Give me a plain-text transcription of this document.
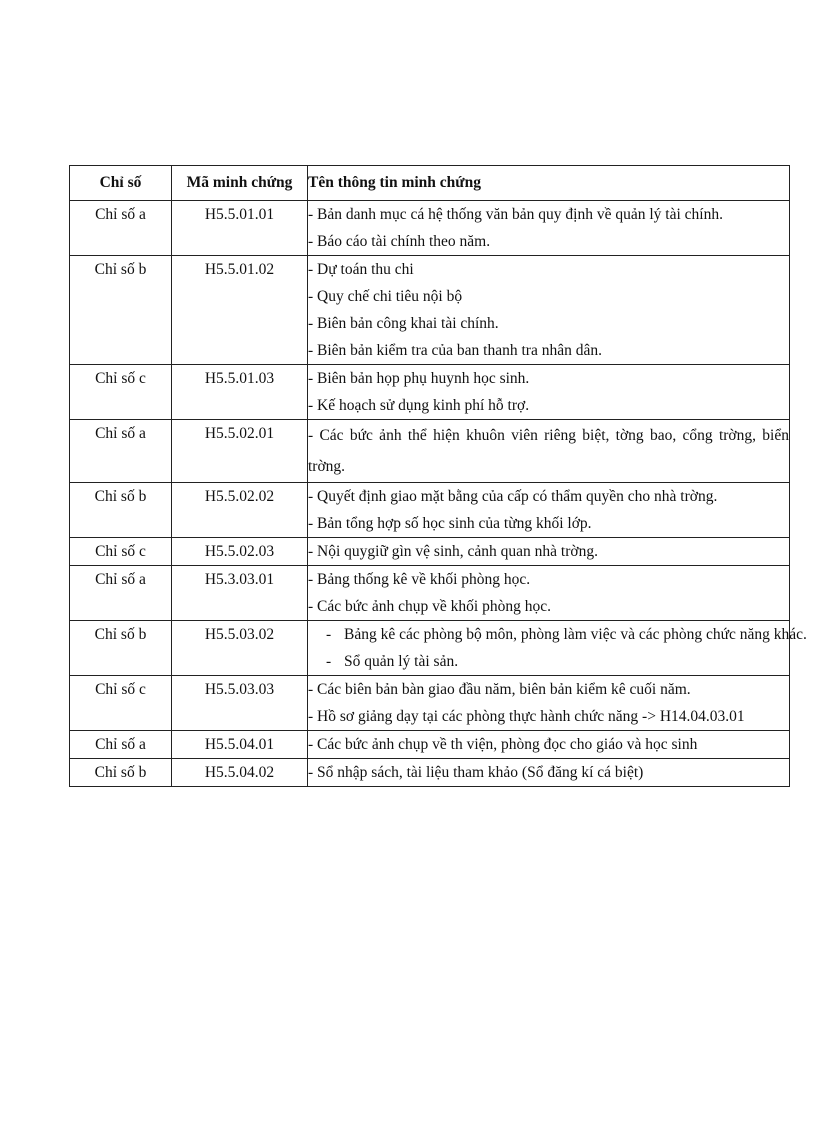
Chỉ số	Mã minh chứng	Tên thông tin minh chứng
Chỉ số a	H5.5.01.01	- Bản danh mục cá hệ thống văn bản quy định về quản lý tài chính.
- Báo cáo tài chính theo năm.

Chỉ số b	H5.5.01.02	- Dự toán thu chi
- Quy chế chi tiêu nội bộ
- Biên bản công khai tài chính.
- Biên bản kiểm tra của ban thanh tra nhân dân.

Chỉ số c	H5.5.01.03	- Biên bản họp phụ huynh học sinh.
- Kế hoạch sử dụng kinh phí hỗ trợ.

Chỉ số a	H5.5.02.01	- Các bức ảnh thể hiện khuôn viên riêng biệt, tờng bao, cổng trờng, biển trờng.

Chỉ số b	H5.5.02.02	- Quyết định giao mặt bằng của cấp có thẩm quyền cho nhà trờng.
- Bản tổng hợp số học sinh của từng khối lớp.

Chỉ số c	H5.5.02.03	- Nội quygiữ gìn vệ sinh, cảnh quan nhà trờng.

Chỉ số a	H5.3.03.01	- Bảng thống kê về khối phòng học.
- Các bức ảnh chụp về khối phòng học.

Chỉ số b	H5.5.03.02	- Bảng kê các phòng bộ môn, phòng làm việc và các phòng chức năng khác.
- Sổ quản lý tài sản.

Chỉ số c	H5.5.03.03	- Các biên bản bàn giao đầu năm, biên bản kiểm kê cuối năm.
- Hồ sơ giảng dạy tại các phòng thực hành chức năng -> H14.04.03.01

Chỉ số a	H5.5.04.01	- Các bức ảnh chụp về th viện, phòng đọc cho giáo và học sinh

Chỉ số b	H5.5.04.02	- Sổ nhập sách, tài liệu tham khảo (Sổ đăng kí cá biệt)
